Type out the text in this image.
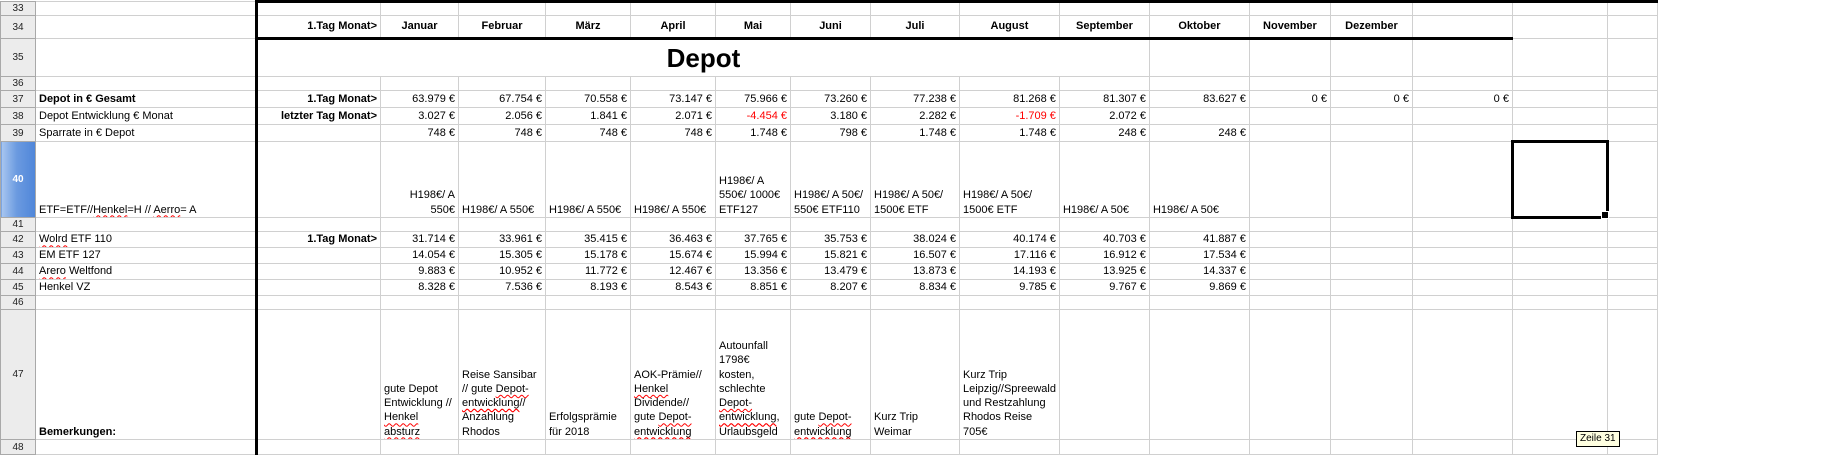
33																	
34		1.Tag Monat>	Januar	Februar	März	April	Mai	Juni	Juli	August	September	Oktober	November	Dezember			
35		Depot															
36																	
37	Depot in € Gesamt	1.Tag Monat>	63.979 €	67.754 €	70.558 €	73.147 €	75.966 €	73.260 €	77.238 €	81.268 €	81.307 €	83.627 €	0 €	0 €	0 €		
38	Depot Entwicklung € Monat	letzter Tag Monat>	3.027 €	2.056 €	1.841 €	2.071 €	-4.454 €	3.180 €	2.282 €	-1.709 €	2.072 €						
39	Sparrate in € Depot		748 €	748 €	748 €	748 €	1.748 €	798 €	1.748 €	1.748 €	248 €	248 €					
40	ETF=ETF//Henkel=H // Aerro= A		H198€/ A 550€	H198€/ A 550€	H198€/ A 550€	H198€/ A 550€	H198€/ A 550€/ 1000€ ETF127	H198€/ A 50€/ 550€ ETF110	H198€/ A 50€/ 1500€ ETF	H198€/ A 50€/ 1500€ ETF	H198€/ A 50€	H198€/ A 50€				

41																	
42	Wolrd ETF 110	1.Tag Monat>	31.714 €	33.961 €	35.415 €	36.463 €	37.765 €	35.753 €	38.024 €	40.174 €	40.703 €	41.887 €					
43	EM ETF 127		14.054 €	15.305 €	15.178 €	15.674 €	15.994 €	15.821 €	16.507 €	17.116 €	16.912 €	17.534 €					
44	Arero Weltfond		9.883 €	10.952 €	11.772 €	12.467 €	13.356 €	13.479 €	13.873 €	14.193 €	13.925 €	14.337 €					
45	Henkel VZ		8.328 €	7.536 €	8.193 €	8.543 €	8.851 €	8.207 €	8.834 €	9.785 €	9.767 €	9.869 €					
46																	
47	Bemerkungen:		gute Depot Entwicklung // Henkel absturz	Reise Sansibar // gute Depot-entwicklung// Anzahlung Rhodos	Erfolgsprämie für 2018	AOK-Prämie// Henkel Dividende// gute Depot-entwicklung	Autounfall 1798€ kosten, schlechte Depot-entwicklung, Urlaubsgeld	gute Depot-entwicklung	Kurz Trip Weimar	Kurz Trip Leipzig//Spreewald und Restzahlung Rhodos Reise 705€							
48																	
Zeile 31
